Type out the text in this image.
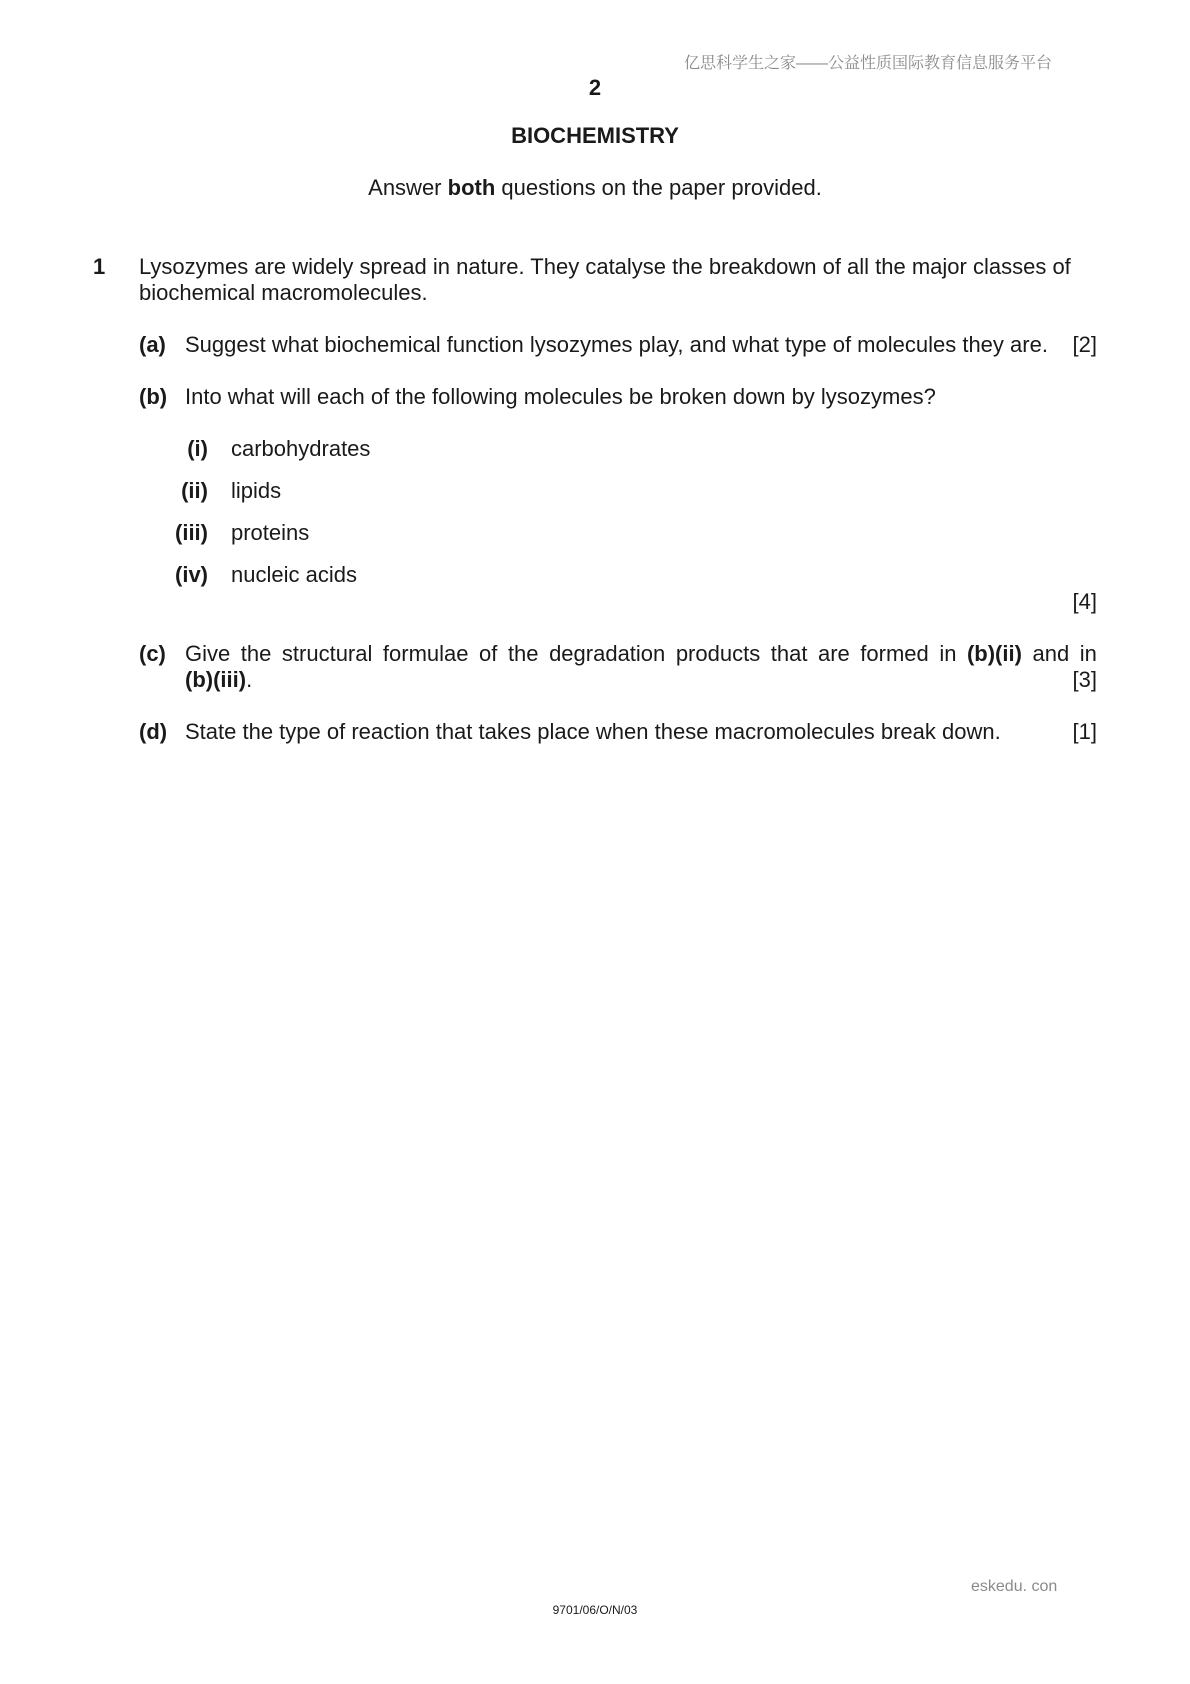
亿思科学生之家——公益性质国际教育信息服务平台
2
BIOCHEMISTRY
Answer both questions on the paper provided.
1 Lysozymes are widely spread in nature. They catalyse the breakdown of all the major classes of
biochemical macromolecules.
(a) Suggest what biochemical function lysozymes play, and what type of molecules they are. [2]
(b) Into what will each of the following molecules be broken down by lysozymes?
(i) carbohydrates
(ii) lipids
(iii) proteins
(iv) nucleic acids
[4]
(c) Give the structural formulae of the degradation products that are formed in (b)(ii) and in
(b)(iii).	[3]
(d) State the type of reaction that takes place when these macromolecules break down.	[1]
eskedu. con
9701/06/O/N/03
